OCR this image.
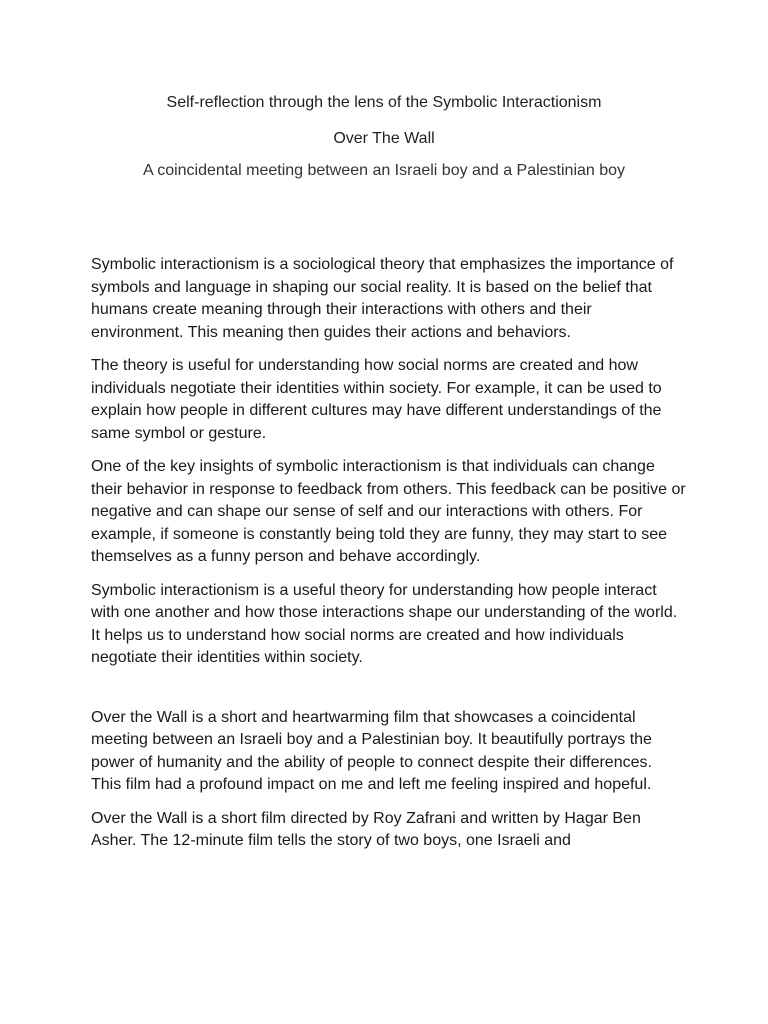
Self-reflection through the lens of the Symbolic Interactionism
Over The Wall
A coincidental meeting between an Israeli boy and a Palestinian boy

Symbolic interactionism is a sociological theory that emphasizes the importance of symbols and language in shaping our social reality. It is based on the belief that humans create meaning through their interactions with others and their environment. This meaning then guides their actions and behaviors.

The theory is useful for understanding how social norms are created and how individuals negotiate their identities within society. For example, it can be used to explain how people in different cultures may have different understandings of the same symbol or gesture.

One of the key insights of symbolic interactionism is that individuals can change their behavior in response to feedback from others. This feedback can be positive or negative and can shape our sense of self and our interactions with others. For example, if someone is constantly being told they are funny, they may start to see themselves as a funny person and behave accordingly.

Symbolic interactionism is a useful theory for understanding how people interact with one another and how those interactions shape our understanding of the world. It helps us to understand how social norms are created and how individuals negotiate their identities within society.

Over the Wall is a short and heartwarming film that showcases a coincidental meeting between an Israeli boy and a Palestinian boy. It beautifully portrays the power of humanity and the ability of people to connect despite their differences. This film had a profound impact on me and left me feeling inspired and hopeful.

Over the Wall is a short film directed by Roy Zafrani and written by Hagar Ben Asher. The 12-minute film tells the story of two boys, one Israeli and
